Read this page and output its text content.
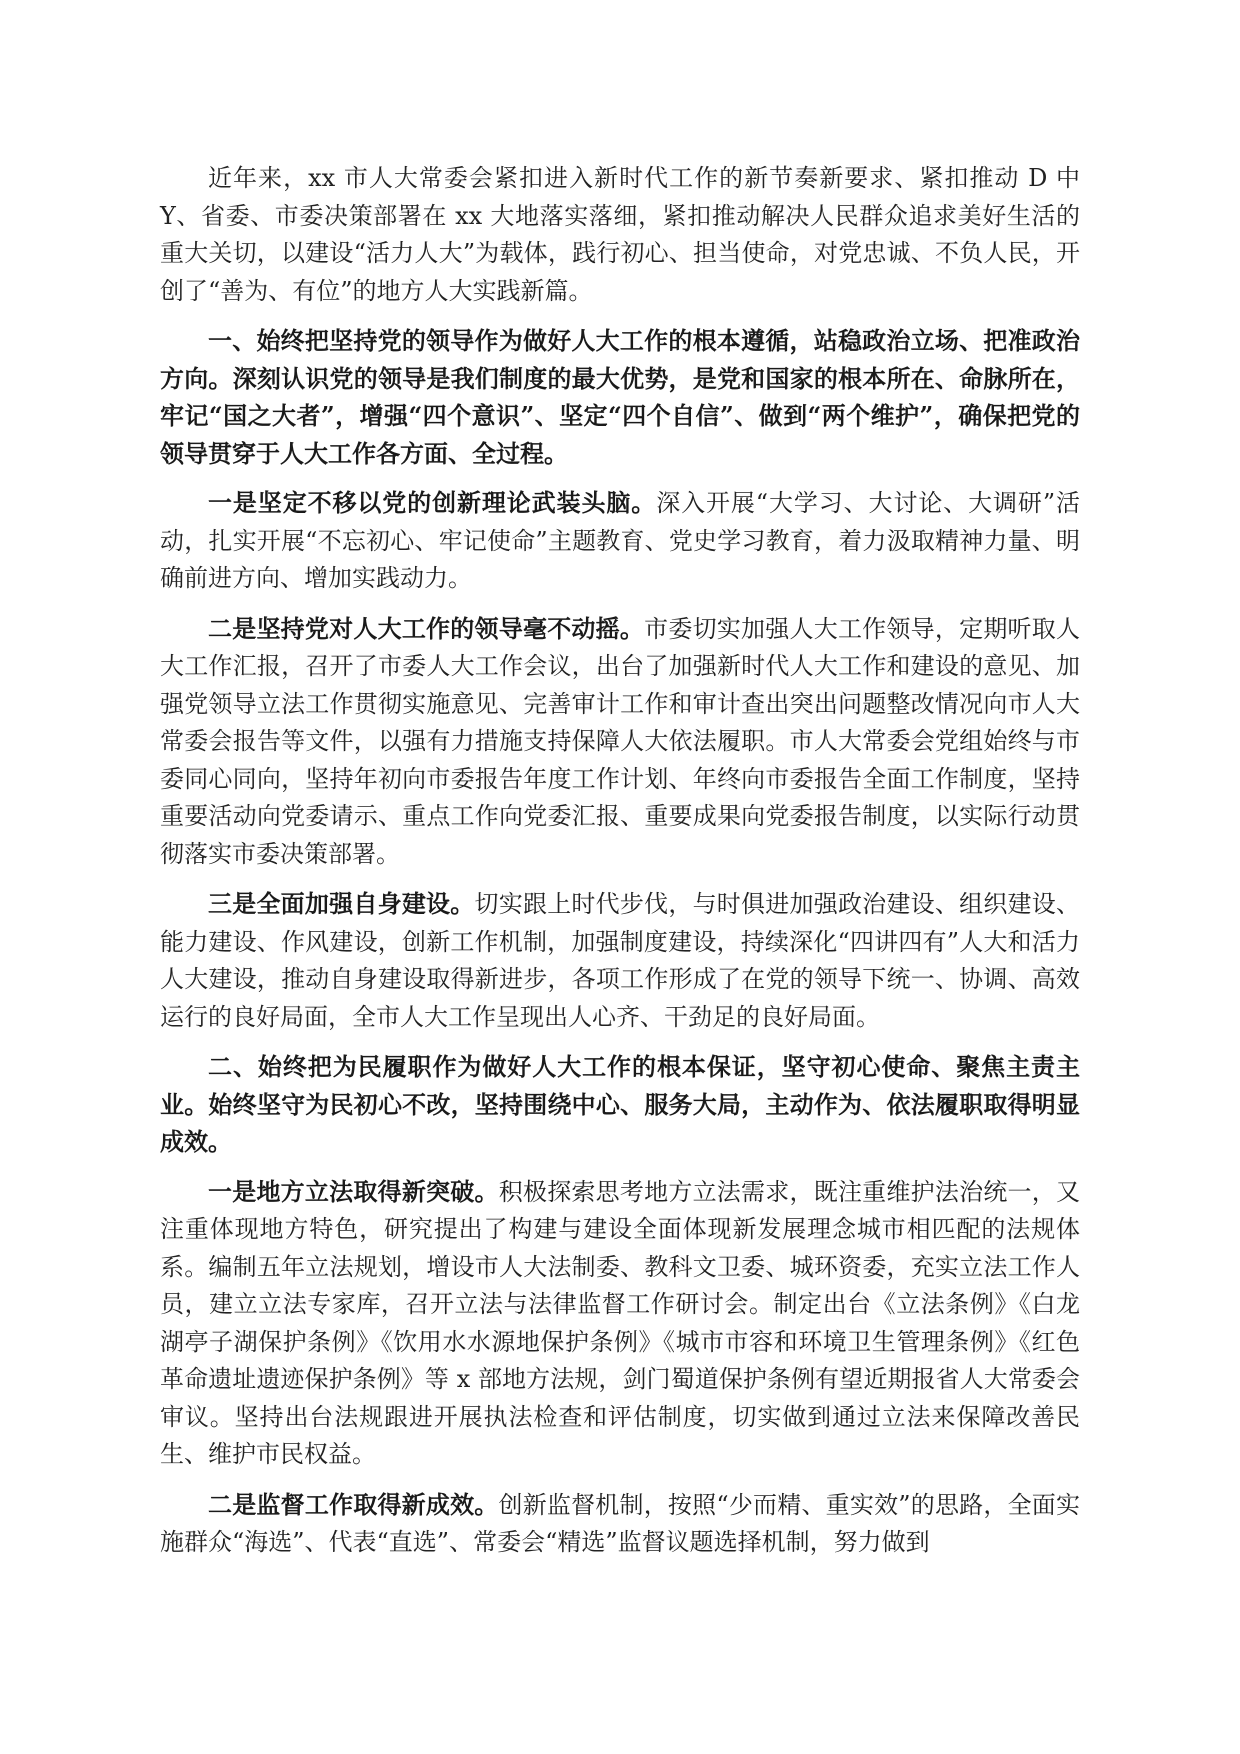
近年来，xx 市人大常委会紧扣进入新时代工作的新节奏新要求、紧扣推动 D 中Y、省委、市委决策部署在 xx 大地落实落细，紧扣推动解决人民群众追求美好生活的重大关切，以建设“活力人大”为载体，践行初心、担当使命，对党忠诚、不负人民，开创了“善为、有位”的地方人大实践新篇。

一、始终把坚持党的领导作为做好人大工作的根本遵循，站稳政治立场、把准政治方向。深刻认识党的领导是我们制度的最大优势，是党和国家的根本所在、命脉所在，牢记“国之大者”，增强“四个意识”、坚定“四个自信”、做到“两个维护”，确保把党的领导贯穿于人大工作各方面、全过程。

一是坚定不移以党的创新理论武装头脑。深入开展“大学习、大讨论、大调研”活动，扎实开展“不忘初心、牢记使命”主题教育、党史学习教育，着力汲取精神力量、明确前进方向、增加实践动力。

二是坚持党对人大工作的领导毫不动摇。市委切实加强人大工作领导，定期听取人大工作汇报，召开了市委人大工作会议，出台了加强新时代人大工作和建设的意见、加强党领导立法工作贯彻实施意见、完善审计工作和审计查出突出问题整改情况向市人大常委会报告等文件，以强有力措施支持保障人大依法履职。市人大常委会党组始终与市委同心同向，坚持年初向市委报告年度工作计划、年终向市委报告全面工作制度，坚持重要活动向党委请示、重点工作向党委汇报、重要成果向党委报告制度，以实际行动贯彻落实市委决策部署。

三是全面加强自身建设。切实跟上时代步伐，与时俱进加强政治建设、组织建设、能力建设、作风建设，创新工作机制，加强制度建设，持续深化“四讲四有”人大和活力人大建设，推动自身建设取得新进步，各项工作形成了在党的领导下统一、协调、高效运行的良好局面，全市人大工作呈现出人心齐、干劲足的良好局面。

二、始终把为民履职作为做好人大工作的根本保证，坚守初心使命、聚焦主责主业。始终坚守为民初心不改，坚持围绕中心、服务大局，主动作为、依法履职取得明显成效。

一是地方立法取得新突破。积极探索思考地方立法需求，既注重维护法治统一，又注重体现地方特色，研究提出了构建与建设全面体现新发展理念城市相匹配的法规体系。编制五年立法规划，增设市人大法制委、教科文卫委、城环资委，充实立法工作人员，建立立法专家库，召开立法与法律监督工作研讨会。制定出台《立法条例》《白龙湖亭子湖保护条例》《饮用水水源地保护条例》《城市市容和环境卫生管理条例》《红色革命遗址遗迹保护条例》等 x 部地方法规，剑门蜀道保护条例有望近期报省人大常委会审议。坚持出台法规跟进开展执法检查和评估制度，切实做到通过立法来保障改善民生、维护市民权益。

二是监督工作取得新成效。创新监督机制，按照“少而精、重实效”的思路，全面实施群众“海选”、代表“直选”、常委会“精选”监督议题选择机制，努力做到
